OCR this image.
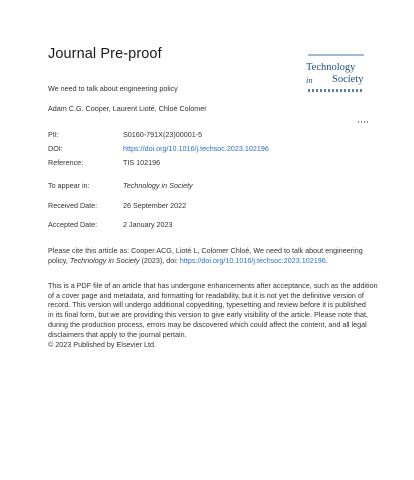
Journal Pre-proof
Technology
in Society
We need to talk about engineering policy
Adam C.G. Cooper, Laurent Lioté, Chloé Colomer
PII:	S0160-791X(23)00001-5
DOI:	https://doi.org/10.1016/j.techsoc.2023.102196
Reference:	TIS 102196
To appear in:	Technology in Society
Received Date:	26 September 2022
Accepted Date:	2 January 2023
Please cite this article as: Cooper ACG, Lioté L, Colomer Chloé, We need to talk about engineering
policy, Technology in Society (2023), doi: https://doi.org/10.1016/j.techsoc.2023.102196.
This is a PDF file of an article that has undergone enhancements after acceptance, such as the addition
of a cover page and metadata, and formatting for readability, but it is not yet the definitive version of
record. This version will undergo additional copyediting, typesetting and review before it is published
in its final form, but we are providing this version to give early visibility of the article. Please note that,
during the production process, errors may be discovered which could affect the content, and all legal
disclaimers that apply to the journal pertain.
© 2023 Published by Elsevier Ltd.
